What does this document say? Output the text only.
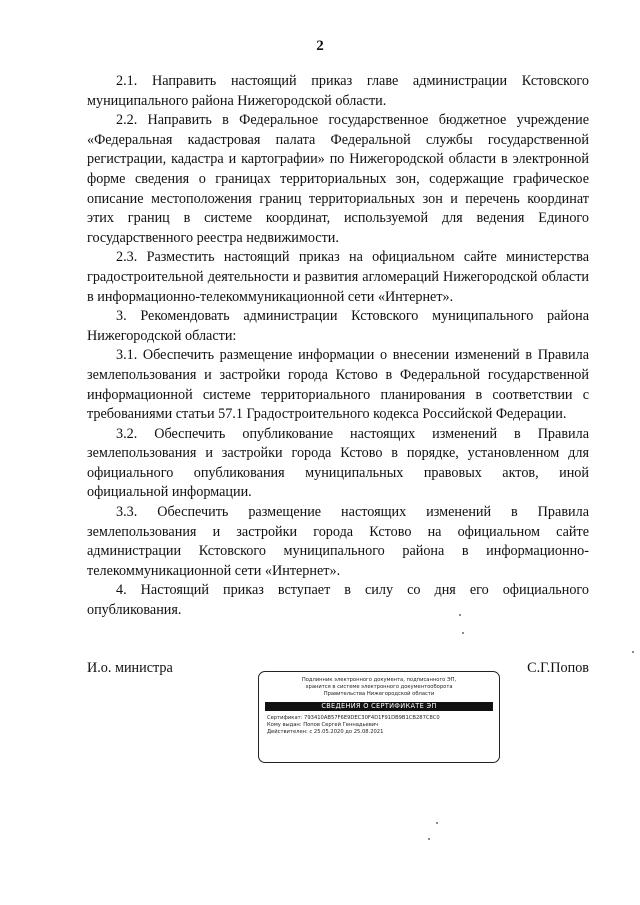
2

2.1. Направить настоящий приказ главе администрации Кстовского муниципального района Нижегородской области.

2.2. Направить в Федеральное государственное бюджетное учреждение «Федеральная кадастровая палата Федеральной службы государственной регистрации, кадастра и картографии» по Нижегородской области в электронной форме сведения о границах территориальных зон, содержащие графическое описание местоположения границ территориальных зон и перечень координат этих границ в системе координат, используемой для ведения Единого государственного реестра недвижимости.

2.3. Разместить настоящий приказ на официальном сайте министерства градостроительной деятельности и развития агломераций Нижегородской области в информационно-телекоммуникационной сети «Интернет».

3. Рекомендовать администрации Кстовского муниципального района Нижегородской области:

3.1. Обеспечить размещение информации о внесении изменений в Правила землепользования и застройки города Кстово в Федеральной государственной информационной системе территориального планирования в соответствии с требованиями статьи 57.1 Градостроительного кодекса Российской Федерации.

3.2. Обеспечить опубликование настоящих изменений в Правила землепользования и застройки города Кстово в порядке, установленном для официального опубликования муниципальных правовых актов, иной официальной информации.

3.3. Обеспечить размещение настоящих изменений в Правила землепользования и застройки города Кстово на официальном сайте администрации Кстовского муниципального района в информационно-телекоммуникационной сети «Интернет».

4. Настоящий приказ вступает в силу со дня его официального опубликования.

И.о. министра	С.Г.Попов
Подлинник электронного документа, подписанного ЭП,
хранится в системе электронного документооборота
Правительства Нижегородской области
СВЕДЕНИЯ О СЕРТИФИКАТЕ ЭП
Сертификат: 793410AB57F6E9DEC30F4D1F91DB9B1CB287C8C0
Кому выдан: Попов Сергей Геннадьевич
Действителен: с 25.05.2020 до 25.08.2021
